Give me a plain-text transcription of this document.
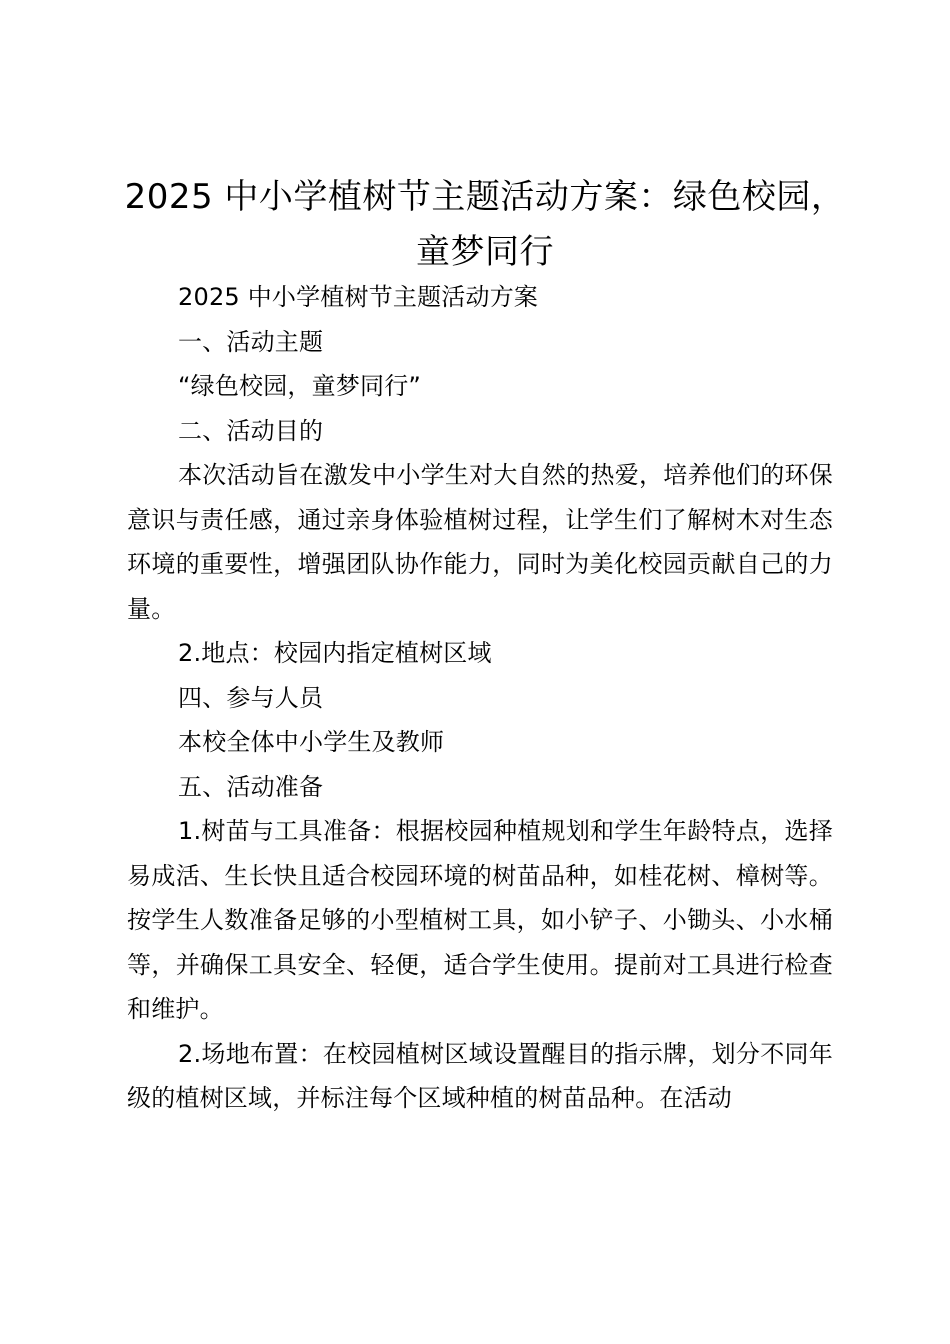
2025 中小学植树节主题活动方案：绿色校园，童梦同行

2025 中小学植树节主题活动方案

一、活动主题

“绿色校园，童梦同行”

二、活动目的

本次活动旨在激发中小学生对大自然的热爱，培养他们的环保意识与责任感，通过亲身体验植树过程，让学生们了解树木对生态环境的重要性，增强团队协作能力，同时为美化校园贡献自己的力量。

2.地点：校园内指定植树区域

四、参与人员

本校全体中小学生及教师

五、活动准备

1.树苗与工具准备：根据校园种植规划和学生年龄特点，选择易成活、生长快且适合校园环境的树苗品种，如桂花树、樟树等。按学生人数准备足够的小型植树工具，如小铲子、小锄头、小水桶等，并确保工具安全、轻便，适合学生使用。提前对工具进行检查和维护。

2.场地布置：在校园植树区域设置醒目的指示牌，划分不同年级的植树区域，并标注每个区域种植的树苗品种。在活动
